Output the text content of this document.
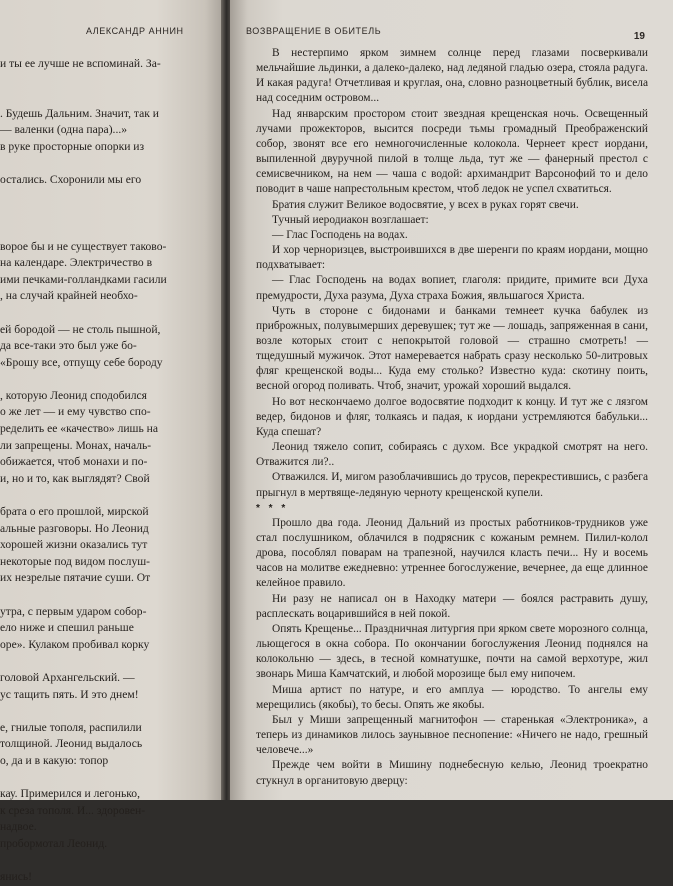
АЛЕКСАНДР АННИН
и ты ее лучше не вспоминай. За-
. Будешь Дальним. Значит, так и
— валенки (одна пара)...»
в руке просторные опорки из
остались. Схоронили мы его
ворое бы и не существует таково-
на календаре. Электричество в
ими печками-голландками гасили
, на случай крайней необхо-
ей бородой — не столь пышной,
да все-таки это был уже бо-
«Брошу все, отпущу себе бороду
, которую Леонид сподобился
о же лет — и ему чувство спо-
ределить ее «качество» лишь на
ли запрещены. Монах, началь-
обижается, чтоб монахи и по-
и, но и то, как выглядят? Свой
брата о его прошлой, мирской
альные разговоры. Но Леонид
хорошей жизни оказались тут
некоторые под видом послуш-
их незрелые пятачие суши. От
утра, с первым ударом собор-
ело ниже и спешил раньше
оре». Кулаком пробивал корку
головой Архангельский. —
ус тащить пять. И это днем!
е, гнилые тополя, распилили
толщиной. Леонид выдалось
о, да и в какую: топор
кау. Примерился и легонько,
к среза тополя. И... здоровен-
надвое.
пробормотал Леонид.
янись!
ВОЗВРАЩЕНИЕ В ОБИТЕЛЬ	19

В нестерпимо ярком зимнем солнце перед глазами посверкивали мельчайшие льдинки, а далеко-далеко, над ледяной гладью озера, стояла радуга. И какая радуга! Отчетливая и круглая, она, словно разноцветный бублик, висела над соседним островом...

Над январским простором стоит звездная крещенская ночь. Освещенный лучами прожекторов, высится посреди тьмы громадный Преображенский собор, звонят все его немногочисленные колокола. Чернеет крест иордани, выпиленной двуручной пилой в толще льда, тут же — фанерный престол с семисвечником, на нем — чаша с водой: архимандрит Варсонофий то и дело поводит в чаше напрестольным крестом, чтоб ледок не успел схватиться.

Братия служит Великое водосвятие, у всех в руках горят свечи.

Тучный иеродиакон возглашает:

— Глас Господень на водах.

И хор черноризцев, выстроившихся в две шеренги по краям иордани, мощно подхватывает:

— Глас Господень на водах вопиет, глаголя: придите, примите вси Духа премудрости, Духа разума, Духа страха Божия, явльшагося Христа.

Чуть в стороне с бидонами и банками темнеет кучка бабулек из приброжных, полувымерших деревушек; тут же — лошадь, запряженная в сани, возле которых стоит с непокрытой головой — страшно смотреть! — тщедушный мужичок. Этот намеревается набрать сразу несколько 50-литровых фляг крещенской воды... Куда ему столько? Известно куда: скотину поить, весной огород поливать. Чтоб, значит, урожай хороший выдался.

Но вот нескончаемо долгое водосвятие подходит к концу. И тут же с лязгом ведер, бидонов и фляг, толкаясь и падая, к иордани устремляются бабульки... Куда спешат?

Леонид тяжело сопит, собираясь с духом. Все украдкой смотрят на него. Отважится ли?..

Отважился. И, мигом разоблачившись до трусов, перекрестившись, с разбега прыгнул в мертвяще-ледяную черноту крещенской купели.

* * *

Прошло два года. Леонид Дальний из простых работников-трудников уже стал послушником, облачился в подрясник с кожаным ремнем. Пилил-колол дрова, пособлял поварам на трапезной, научился класть печи... Ну и восемь часов на молитве ежедневно: утреннее богослужение, вечернее, да еще длинное келейное правило.

Ни разу не написал он в Находку матери — боялся растравить душу, расплескать воцарившийся в ней покой.

Опять Крещенье... Праздничная литургия при ярком свете морозного солнца, льющегося в окна собора. По окончании богослужения Леонид поднялся на колокольню — здесь, в тесной комнатушке, почти на самой верхотуре, жил звонарь Миша Камчатский, и любой морозище был ему нипочем.

Миша артист по натуре, и его амплуа — юродство. То ангелы ему мерещились (якобы), то бесы. Опять же якобы.

Был у Миши запрещенный магнитофон — старенькая «Электроника», а теперь из динамиков лилось заунывное песнопение: «Ничего не надо, грешный человече...»

Прежде чем войти в Мишину поднебесную келью, Леонид троекратно стукнул в органитовую дверцу:
